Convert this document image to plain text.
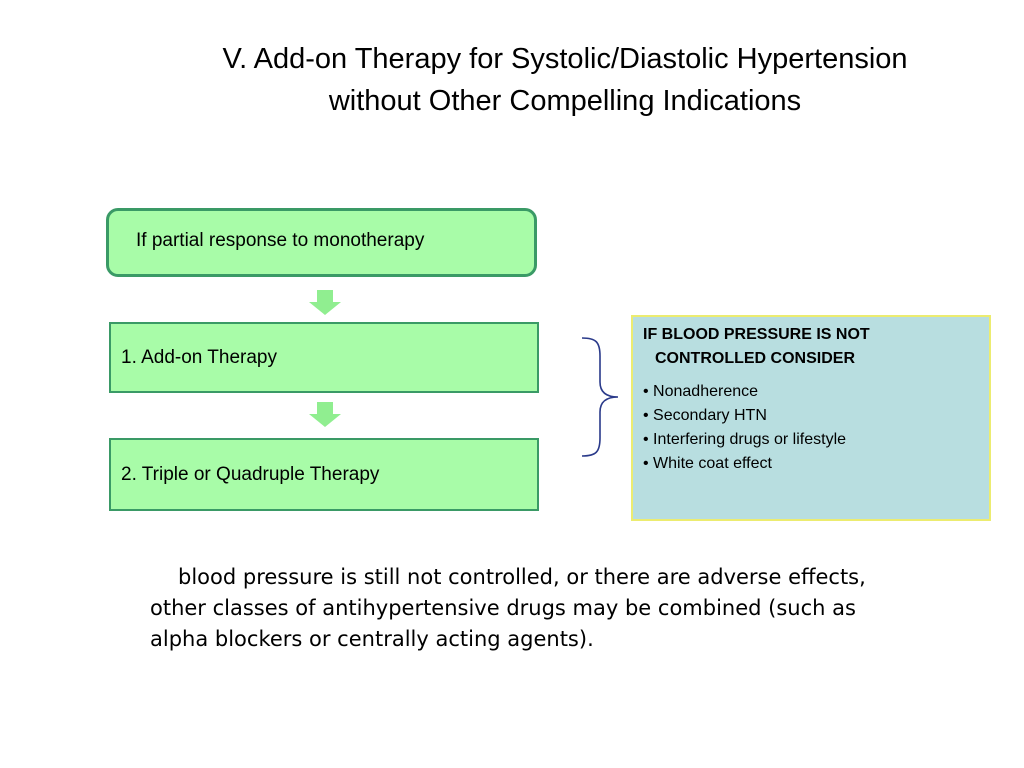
V. Add-on Therapy for Systolic/Diastolic Hypertension
without Other Compelling Indications
If partial response to monotherapy
1. Add-on Therapy
2. Triple or Quadruple Therapy
IF BLOOD PRESSURE IS NOT
CONTROLLED CONSIDER
• Nonadherence
• Secondary HTN
• Interfering drugs or lifestyle
• White coat effect
blood pressure is still not controlled, or there are adverse effects, other classes of antihypertensive drugs may be combined (such as alpha blockers or centrally acting agents).
